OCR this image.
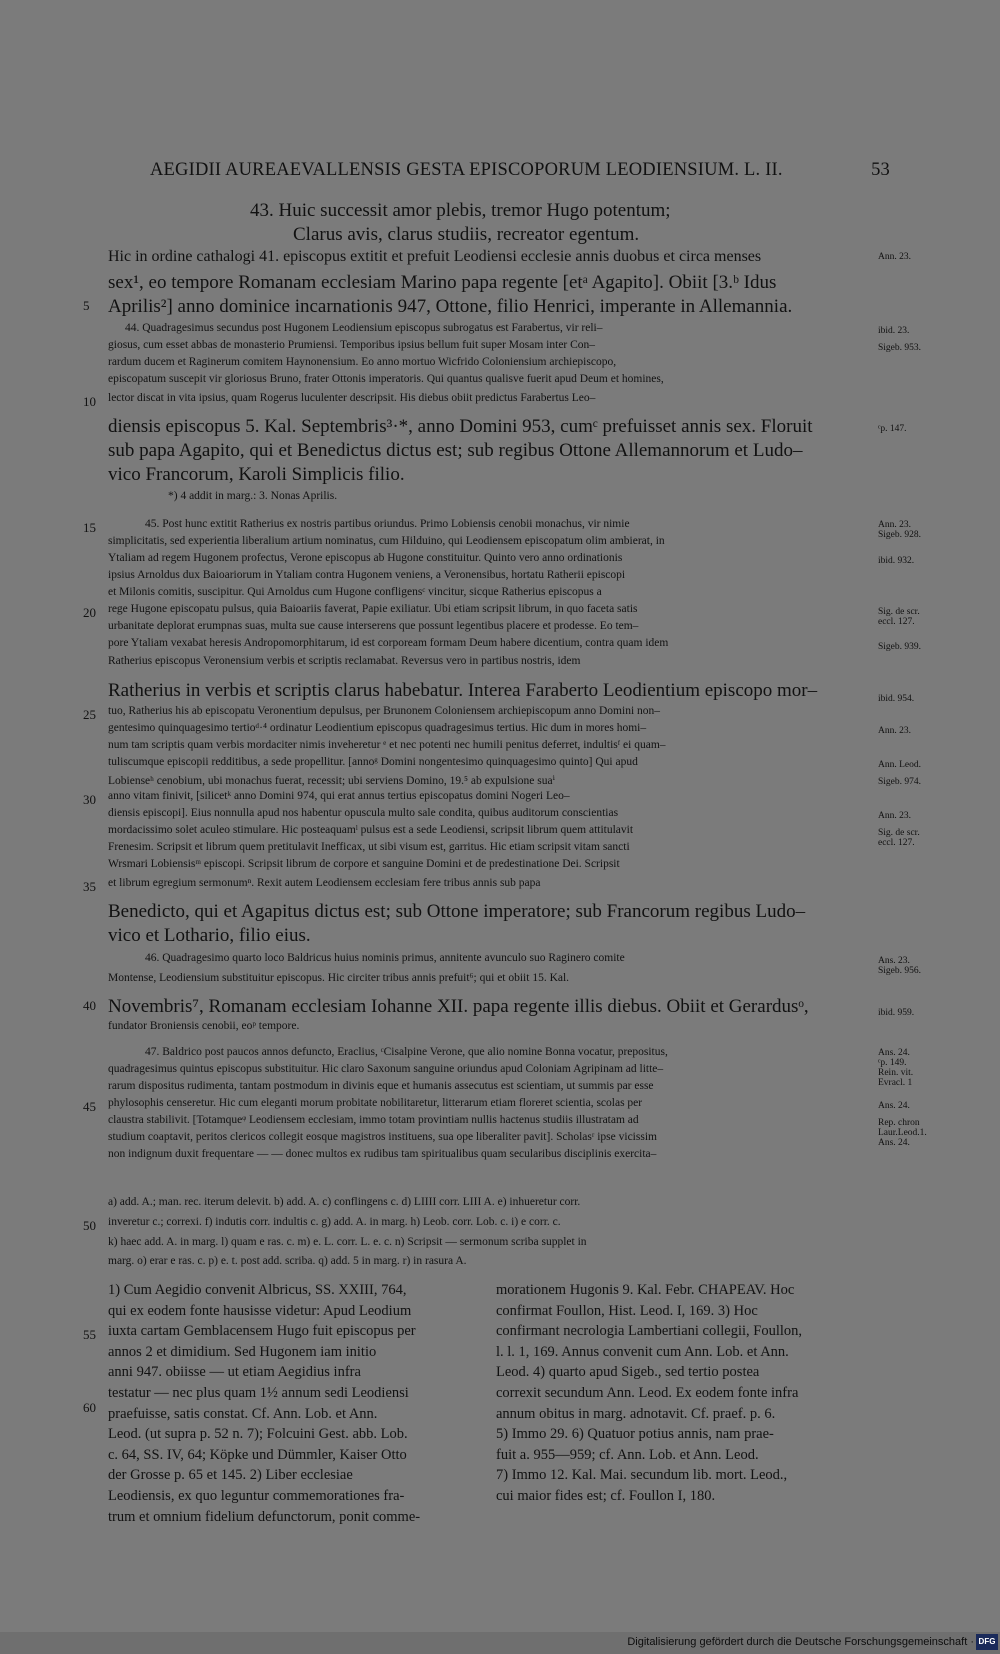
AEGIDII AUREAEVALLENSIS GESTA EPISCOPORUM LEODIENSIUM. L. II.	53
43. Huic successit amor plebis, tremor Hugo potentum;
Clarus avis, clarus studiis, recreator egentum.
Hic in ordine cathalogi 41. episcopus extitit et prefuit Leodiensi ecclesie annis duobus et circa menses
sex¹, eo tempore Romanam ecclesiam Marino papa regente [etᵃ Agapito]. Obiit [3.ᵇ Idus
Aprilis²] anno dominice incarnationis 947, Ottone, filio Henrici, imperante in Allemannia.
44. Quadragesimus secundus post Hugonem Leodiensium episcopus subrogatus est Farabertus, vir reli–
giosus, cum esset abbas de monasterio Prumiensi. Temporibus ipsius bellum fuit super Mosam inter Con–
rardum ducem et Raginerum comitem Haynonensium. Eo anno mortuo Wicfrido Coloniensium archiepiscopo,
episcopatum suscepit vir gloriosus Bruno, frater Ottonis imperatoris. Qui quantus qualisve fuerit apud Deum et homines,
lector discat in vita ipsius, quam Rogerus luculenter descripsit. His diebus obiit predictus Farabertus Leo–
diensis episcopus 5. Kal. Septembris³·*, anno Domini 953, cumᶜ prefuisset annis sex. Floruit
sub papa Agapito, qui et Benedictus dictus est; sub regibus Ottone Allemannorum et Ludo–
vico Francorum, Karoli Simplicis filio.
*) 4 addit in marg.: 3. Nonas Aprilis.
45. Post hunc extitit Ratherius ex nostris partibus oriundus. Primo Lobiensis cenobii monachus, vir nimie
simplicitatis, sed experientia liberalium artium nominatus, cum Hilduino, qui Leodiensem episcopatum olim ambierat, in
Ytaliam ad regem Hugonem profectus, Verone episcopus ab Hugone constituitur. Quinto vero anno ordinationis
ipsius Arnoldus dux Baioariorum in Ytaliam contra Hugonem veniens, a Veronensibus, hortatu Ratherii episcopi
et Milonis comitis, suscipitur. Qui Arnoldus cum Hugone confligensᶜ vincitur, sicque Ratherius episcopus a
rege Hugone episcopatu pulsus, quia Baioariis faverat, Papie exiliatur. Ubi etiam scripsit librum, in quo faceta satis
urbanitate deplorat erumpnas suas, multa sue cause interserens que possunt legentibus placere et prodesse. Eo tem–
pore Ytaliam vexabat heresis Andropomorphitarum, id est corpoream formam Deum habere dicentium, contra quam idem
Ratherius episcopus Veronensium verbis et scriptis reclamabat. Reversus vero in partibus nostris, idem
Ratherius in verbis et scriptis clarus habebatur. Interea Faraberto Leodientium episcopo mor–
tuo, Ratherius his ab episcopatu Veronentium depulsus, per Brunonem Coloniensem archiepiscopum anno Domini non–
gentesimo quinquagesimo tertioᵈ·⁴ ordinatur Leodientium episcopus quadragesimus tertius. Hic dum in mores homi–
num tam scriptis quam verbis mordaciter nimis inveheretur ᵉ et nec potenti nec humili penitus deferret, indultisᶠ ei quam–
tuliscumque episcopii redditibus, a sede propellitur. [annoᵍ Domini nongentesimo quinquagesimo quinto] Qui apud
Lobienseʰ cenobium, ubi monachus fuerat, recessit; ubi serviens Domino, 19.⁵ ab expulsione suaⁱ
anno vitam finivit, [silicetᵏ anno Domini 974, qui erat annus tertius episcopatus domini Nogeri Leo–
diensis episcopi]. Eius nonnulla apud nos habentur opuscula multo sale condita, quibus auditorum conscientias
mordacissimo solet aculeo stimulare. Hic posteaquamˡ pulsus est a sede Leodiensi, scripsit librum quem attitulavit
Frenesim. Scripsit et librum quem pretitulavit Inefficax, ut sibi visum est, garritus. Hic etiam scripsit vitam sancti
Wrsmari Lobiensisᵐ episcopi. Scripsit librum de corpore et sanguine Domini et de predestinatione Dei. Scripsit
et librum egregium sermonumⁿ. Rexit autem Leodiensem ecclesiam fere tribus annis sub papa
Benedicto, qui et Agapitus dictus est; sub Ottone imperatore; sub Francorum regibus Ludo–
vico et Lothario, filio eius.
46. Quadragesimo quarto loco Baldricus huius nominis primus, annitente avunculo suo Raginero comite
Montense, Leodiensium substituitur episcopus. Hic circiter tribus annis prefuit⁶; qui et obiit 15. Kal.
Novembris⁷, Romanam ecclesiam Iohanne XII. papa regente illis diebus. Obiit et Gerardusᵒ,
fundator Broniensis cenobii, eoᵖ tempore.
47. Baldrico post paucos annos defuncto, Eraclius, ᶜCisalpine Verone, que alio nomine Bonna vocatur, prepositus,
quadragesimus quintus episcopus substituitur. Hic claro Saxonum sanguine oriundus apud Coloniam Agripinam ad litte–
rarum dispositus rudimenta, tantam postmodum in divinis eque et humanis assecutus est scientiam, ut summis par esse
phylosophis censeretur. Hic cum eleganti morum probitate nobilitaretur, litterarum etiam floreret scientia, scolas per
claustra stabilivit. [Totamqueᵠ Leodiensem ecclesiam, immo totam provintiam nullis hactenus studiis illustratam ad
studium coaptavit, peritos clericos collegit eosque magistros instituens, sua ope liberaliter pavit]. Scholasʳ ipse vicissim
non indignum duxit frequentare — — donec multos ex rudibus tam spiritualibus quam secularibus disciplinis exercita–
5
10
15
20
25
30
35
40
45
50
55
60
Ann. 23.
ibid. 23.
Sigeb. 953.
ᶜp. 147.
Ann. 23.
Sigeb. 928.
ibid. 932.
Sig. de scr.
eccl. 127.
Sigeb. 939.
ibid. 954.
Ann. 23.
Ann. Leod.
Sigeb. 974.
Ann. 23.
Sig. de scr.
eccl. 127.
Ans. 23.
Sigeb. 956.
ibid. 959.
Ans. 24.
ᶜp. 149.
Rein. vit.
Evracl. 1
Ans. 24.
Rep. chron
Laur.Leod.1.
Ans. 24.
a) add. A.; man. rec. iterum delevit. b) add. A. c) conflingens c. d) LIIII corr. LIII A. e) inhueretur corr.
inveretur c.; correxi. f) indutis corr. indultis c. g) add. A. in marg. h) Leob. corr. Lob. c. i) e corr. c.
k) haec add. A. in marg. l) quam e ras. c. m) e. L. corr. L. e. c. n) Scripsit — sermonum scriba supplet in
marg. o) erar e ras. c. p) e. t. post add. scriba. q) add. 5 in marg. r) in rasura A.
1) Cum Aegidio convenit Albricus, SS. XXIII, 764,
qui ex eodem fonte hausisse videtur: Apud Leodium
iuxta cartam Gemblacensem Hugo fuit episcopus per
annos 2 et dimidium. Sed Hugonem iam initio
anni 947. obiisse — ut etiam Aegidius infra
testatur — nec plus quam 1½ annum sedi Leodiensi
praefuisse, satis constat. Cf. Ann. Lob. et Ann.
Leod. (ut supra p. 52 n. 7); Folcuini Gest. abb. Lob.
c. 64, SS. IV, 64; Köpke und Dümmler, Kaiser Otto
der Grosse p. 65 et 145. 2) Liber ecclesiae
Leodiensis, ex quo leguntur commemorationes fra-
trum et omnium fidelium defunctorum, ponit comme-
morationem Hugonis 9. Kal. Febr. CHAPEAV. Hoc
confirmat Foullon, Hist. Leod. I, 169. 3) Hoc
confirmant necrologia Lambertiani collegii, Foullon,
l. l. 1, 169. Annus convenit cum Ann. Lob. et Ann.
Leod. 4) quarto apud Sigeb., sed tertio postea
correxit secundum Ann. Leod. Ex eodem fonte infra
annum obitus in marg. adnotavit. Cf. praef. p. 6.
5) Immo 29. 6) Quatuor potius annis, nam prae-
fuit a. 955—959; cf. Ann. Lob. et Ann. Leod.
7) Immo 12. Kal. Mai. secundum lib. mort. Leod.,
cui maior fides est; cf. Foullon I, 180.
Digitalisierung gefördert durch die Deutsche Forschungsgemeinschaft · DFG
